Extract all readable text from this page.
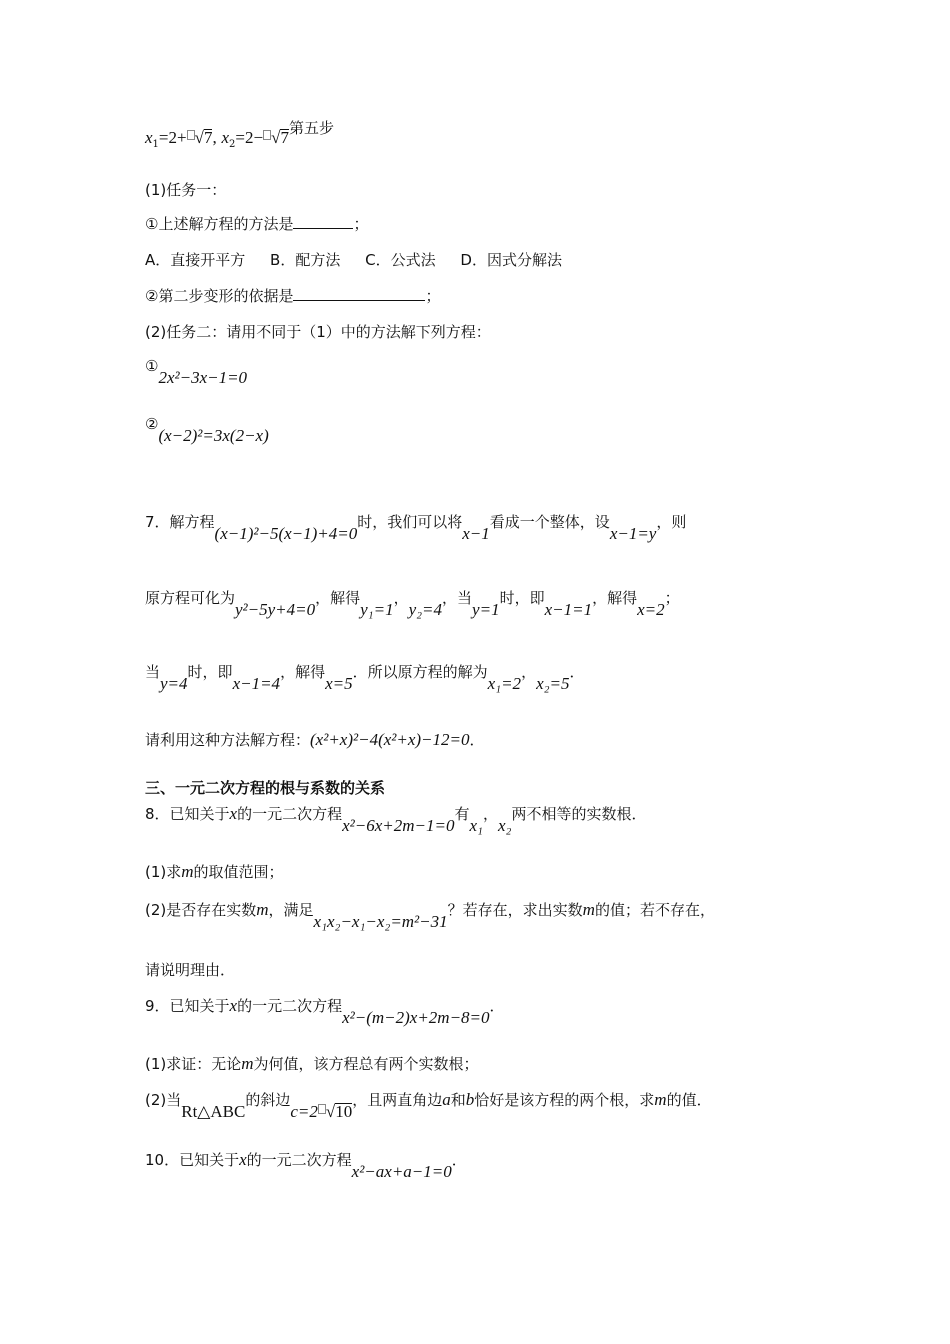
$x_1=2+ √7$, $x_2=2- √7$第五步
(1)任务一：
①上述解方程的方法是	；
A．直接开平方 B．配方法 C．公式法 D．因式分解法
②第二步变形的依据是	；
(2)任务二：请用不同于（1）中的方法解下列方程：
①2x²−3x−1=0
②(x−2)²=3x(2−x)
7．解方程(x−1)²−5(x−1)+4=0时，我们可以将x−1看成一个整体，设x−1=y，则
原方程可化为y²−5y+4=0，解得y₁=1，y₂=4，当y=1时，即x−1=1，解得x=2；
当y=4时，即x−1=4，解得x=5．所以原方程的解为x₁=2，x₂=5．
请利用这种方法解方程：(x²+x)²−4(x²+x)−12=0．
三、一元二次方程的根与系数的关系
8．已知关于x的一元二次方程x²−6x+2m−1=0有x₁，x₂两不相等的实数根．
(1)求m的取值范围；
(2)是否存在实数m，满足x₁x₂−x₁−x₂=m²−31？若存在，求出实数m的值；若不存在，
请说明理由．
9．已知关于x的一元二次方程x²−(m−2)x+2m−8=0．
(1)求证：无论m为何值，该方程总有两个实数根；
(2)当Rt△ABC的斜边c=2 √10，且两直角边a和b恰好是该方程的两个根，求m的值．
10．已知关于x的一元二次方程x²−ax+a−1=0．
